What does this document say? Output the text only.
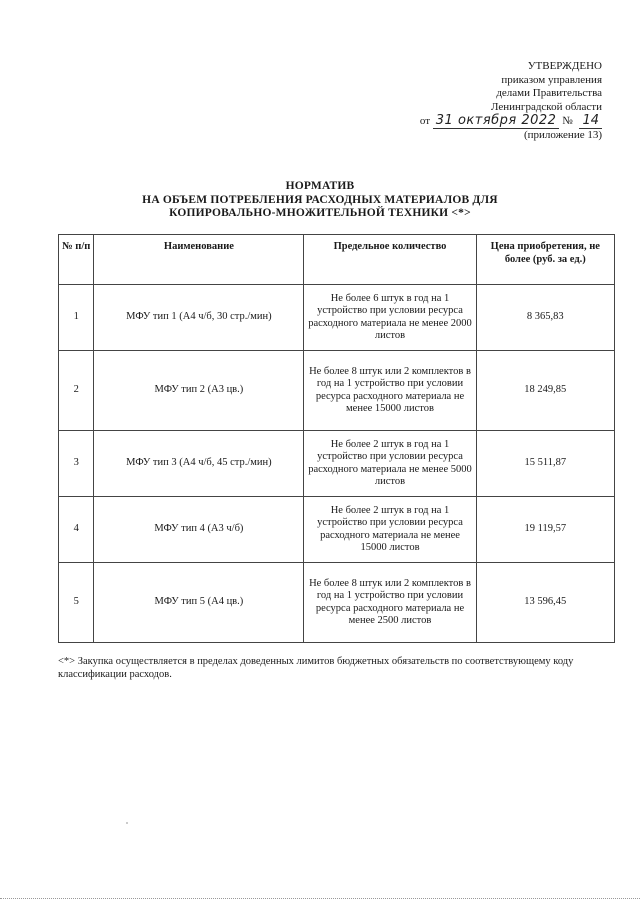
УТВЕРЖДЕНО
приказом управления
делами Правительства
Ленинградской области
от 31 октября 2022 № 14
(приложение 13)
НОРМАТИВ
НА ОБЪЕМ ПОТРЕБЛЕНИЯ РАСХОДНЫХ МАТЕРИАЛОВ ДЛЯ
КОПИРОВАЛЬНО-МНОЖИТЕЛЬНОЙ ТЕХНИКИ <*>
№ п/п	Наименование	Предельное количество	Цена приобретения, не более (руб. за ед.)
1	МФУ тип 1 (А4 ч/б, 30 стр./мин)	Не более 6 штук в год на 1 устройство при условии ресурса расходного материала не менее 2000 листов	8 365,83
2	МФУ тип 2 (А3 цв.)	Не более 8 штук или 2 комплектов в год на 1 устройство при условии ресурса расходного материала не менее 15000 листов	18 249,85
3	МФУ тип 3 (А4 ч/б, 45 стр./мин)	Не более 2 штук в год на 1 устройство при условии ресурса расходного материала не менее 5000 листов	15 511,87
4	МФУ тип 4 (А3 ч/б)	Не более 2 штук в год на 1 устройство при условии ресурса расходного материала не менее 15000 листов	19 119,57
5	МФУ тип 5 (А4 цв.)	Не более 8 штук или 2 комплектов в год на 1 устройство при условии ресурса расходного материала не менее 2500 листов	13 596,45
<*> Закупка осуществляется в пределах доведенных лимитов бюджетных обязательств по соответствующему коду классификации расходов.
